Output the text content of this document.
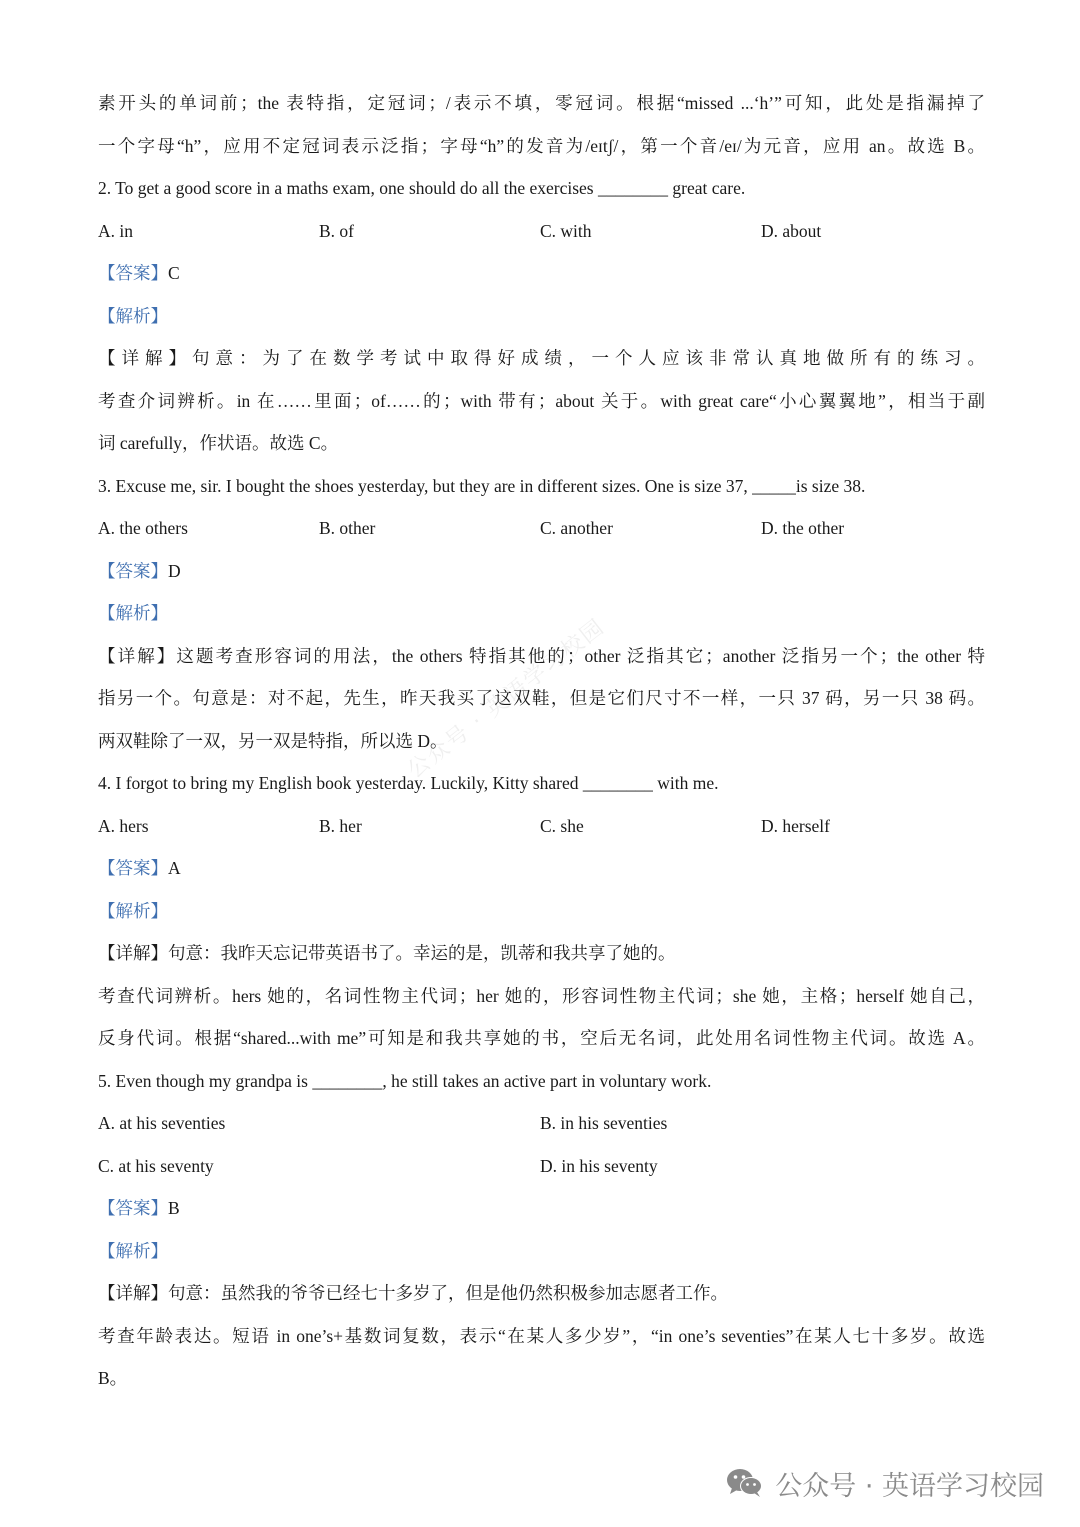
公众号 · 英语学习校园
素开头的单词前；the 表特指，定冠词；/表示不填，零冠词。根据“missed ...‘h’”可知，此处是指漏掉了
一个字母“h”，应用不定冠词表示泛指；字母“h”的发音为/eɪtʃ/，第一个音/eɪ/为元音，应用 an。故选 B。
2. To get a good score in a maths exam, one should do all the exercises ________ great care.
A. in	B. of	C. with	D. about
【答案】C
【解析】
【详解】句意：为了在数学考试中取得好成绩，一个人应该非常认真地做所有的练习。
考查介词辨析。in 在……里面；of……的；with 带有；about 关于。with great care“小心翼翼地”，相当于副
词 carefully，作状语。故选 C。
3. Excuse me, sir. I bought the shoes yesterday, but they are in different sizes. One is size 37, _____is size 38.
A. the others	B. other	C. another	D. the other
【答案】D
【解析】
【详解】这题考查形容词的用法，the others 特指其他的；other 泛指其它；another 泛指另一个；the other 特
指另一个。句意是：对不起，先生，昨天我买了这双鞋，但是它们尺寸不一样，一只 37 码，另一只 38 码。
两双鞋除了一双，另一双是特指，所以选 D。
4. I forgot to bring my English book yesterday. Luckily, Kitty shared ________ with me.
A. hers	B. her	C. she	D. herself
【答案】A
【解析】
【详解】句意：我昨天忘记带英语书了。幸运的是，凯蒂和我共享了她的。
考查代词辨析。hers 她的，名词性物主代词；her 她的，形容词性物主代词；she 她，主格；herself 她自己，
反身代词。根据“shared...with me”可知是和我共享她的书，空后无名词，此处用名词性物主代词。故选 A。
5. Even though my grandpa is ________, he still takes an active part in voluntary work.
A. at his seventies	B. in his seventies
C. at his seventy	D. in his seventy
【答案】B
【解析】
【详解】句意：虽然我的爷爷已经七十多岁了，但是他仍然积极参加志愿者工作。
考查年龄表达。短语 in one’s+基数词复数，表示“在某人多少岁”，“in one’s seventies”在某人七十多岁。故选
B。
公众号 · 英语学习校园
